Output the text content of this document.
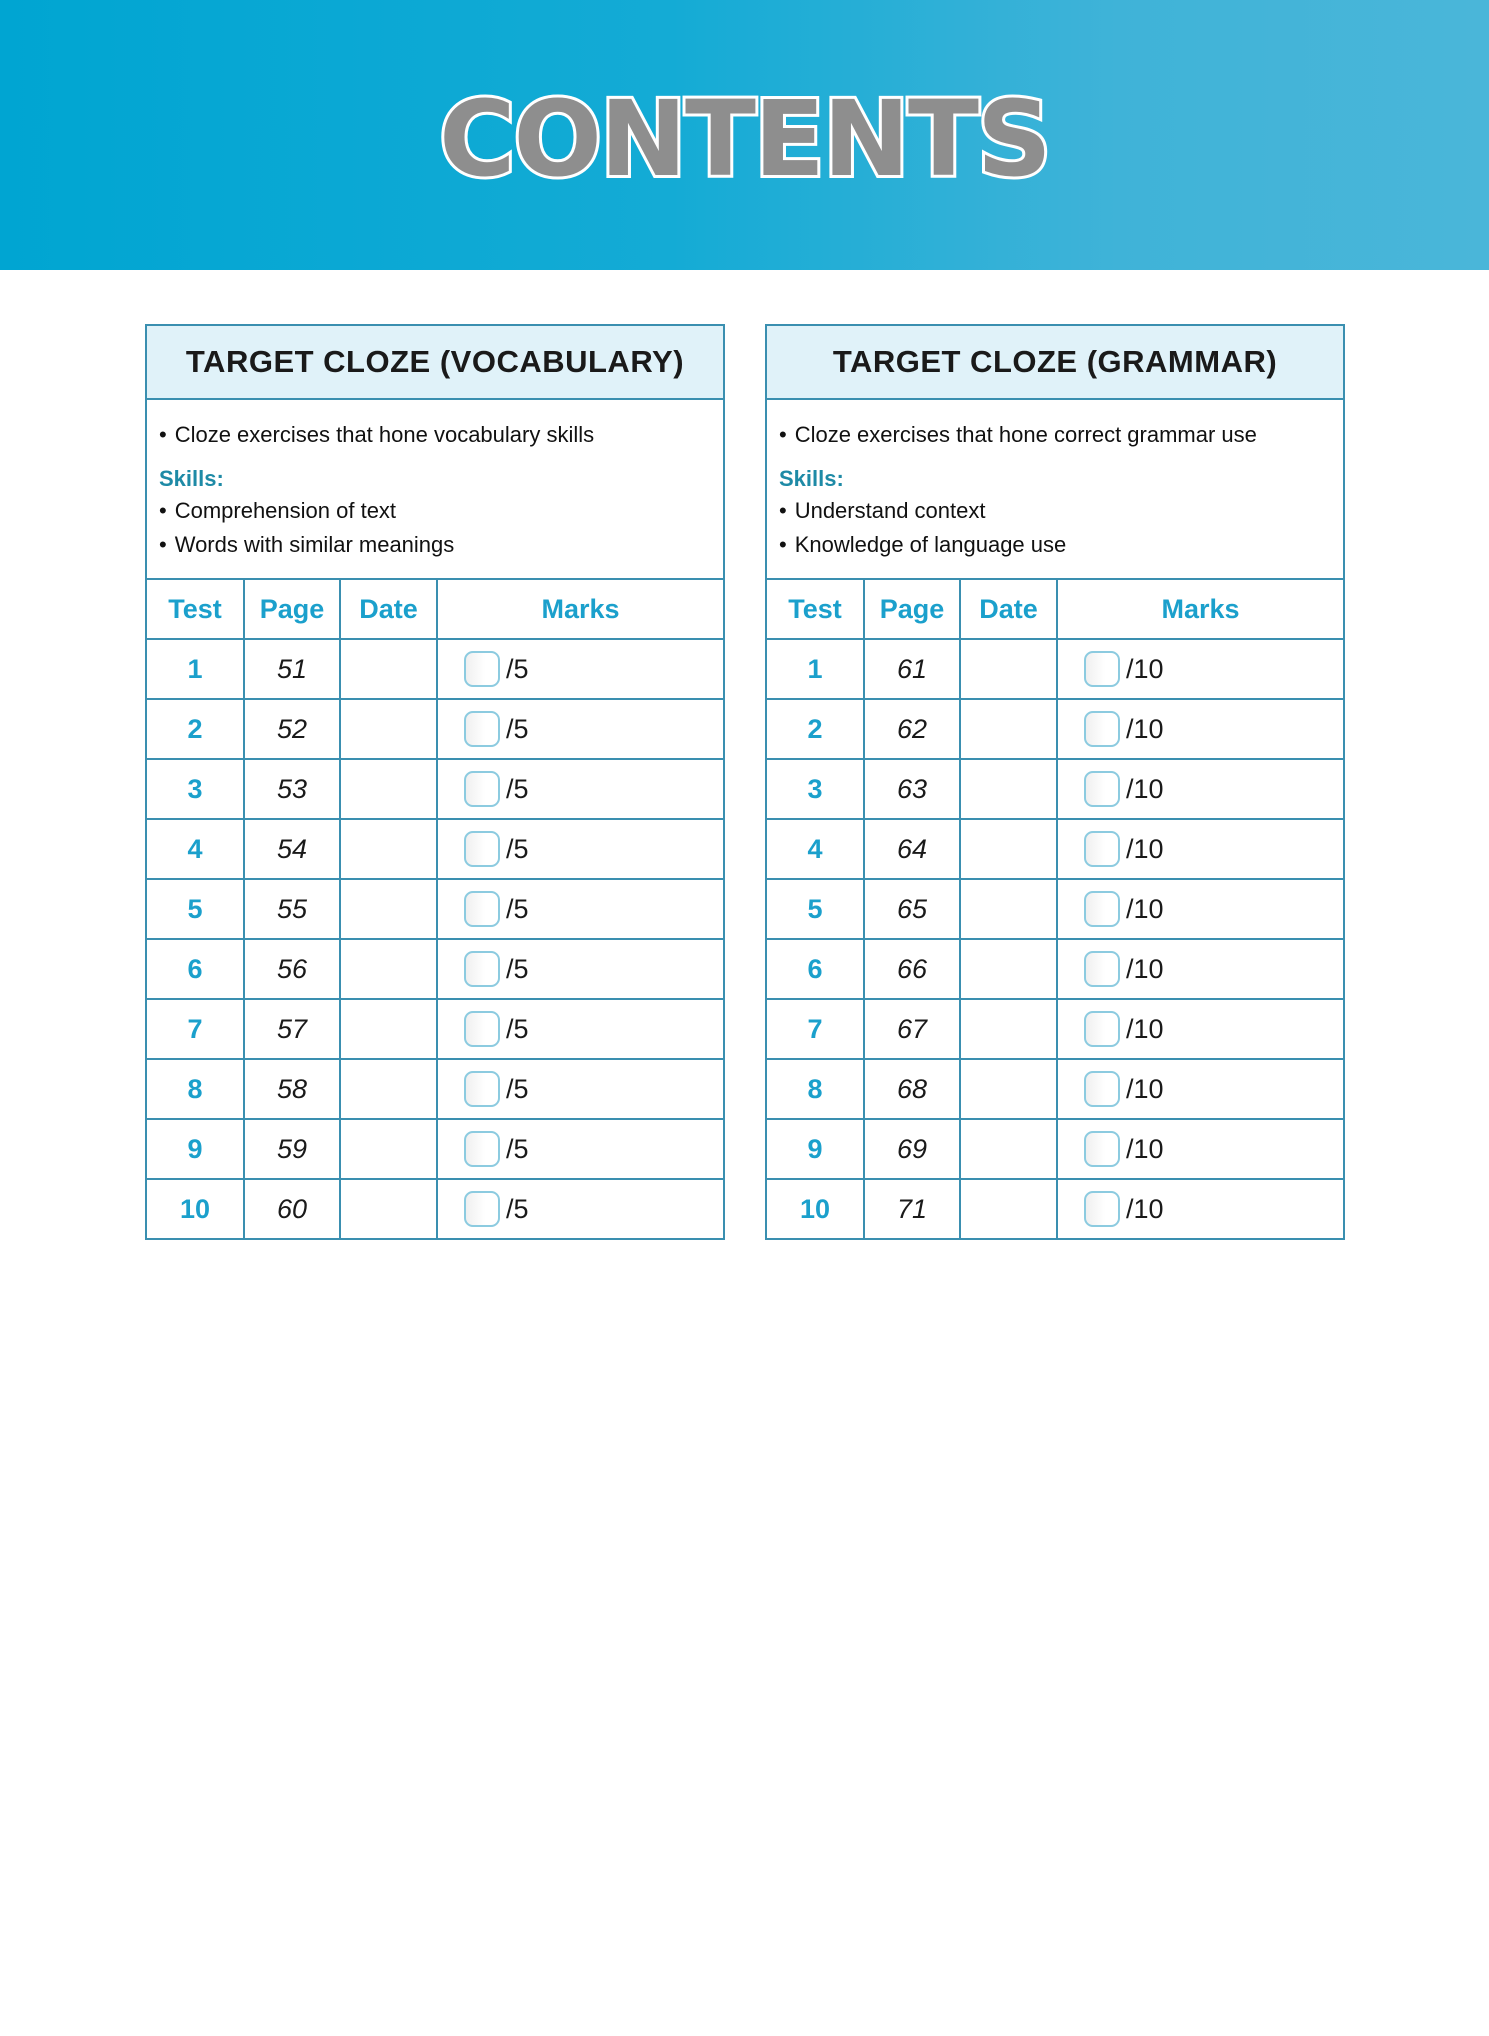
CONTENTS
TARGET CLOZE (VOCABULARY)
• Cloze exercises that hone vocabulary skills
Skills:
• Comprehension of text
• Words with similar meanings
Test	Page	Date	Marks
1	51		/5
2	52		/5
3	53		/5
4	54		/5
5	55		/5
6	56		/5
7	57		/5
8	58		/5
9	59		/5
10	60		/5
TARGET CLOZE (GRAMMAR)
• Cloze exercises that hone correct grammar use
Skills:
• Understand context
• Knowledge of language use
Test	Page	Date	Marks
1	61		/10
2	62		/10
3	63		/10
4	64		/10
5	65		/10
6	66		/10
7	67		/10
8	68		/10
9	69		/10
10	71		/10
